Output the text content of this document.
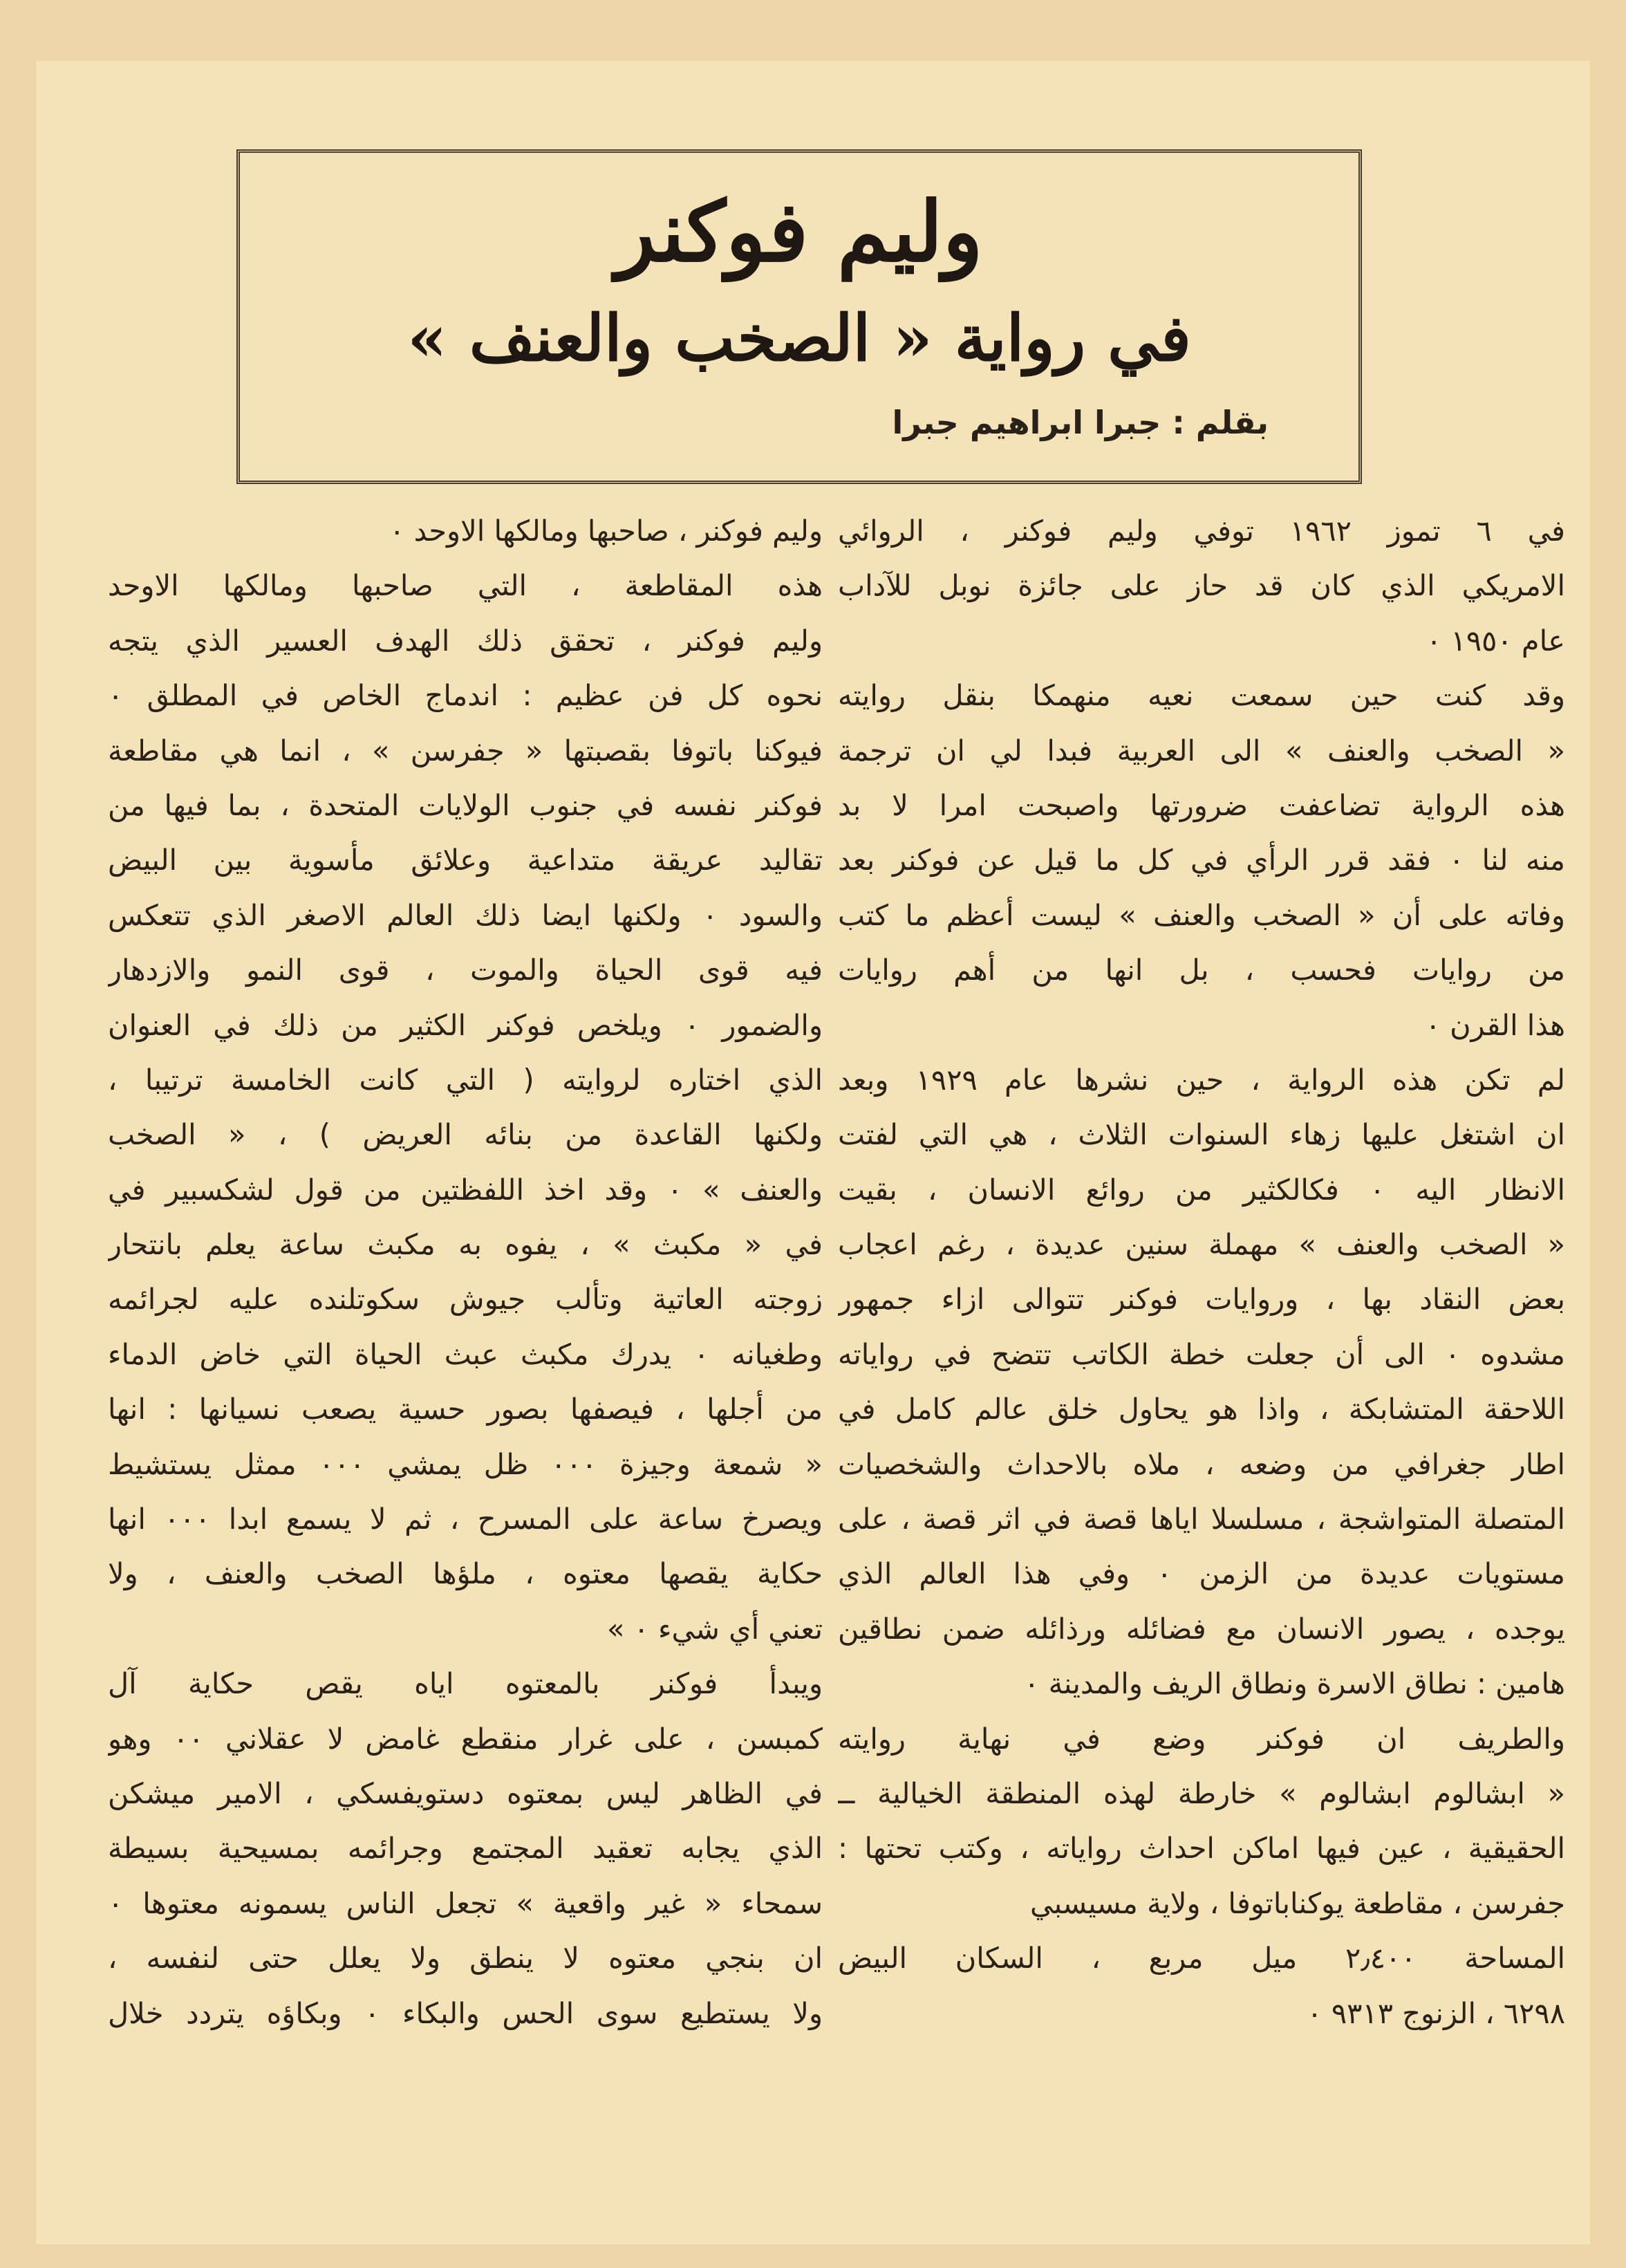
وليم فوكنر
في رواية « الصخب والعنف »
بقلم : جبرا ابراهيم جبرا
في ٦ تموز ١٩٦٢ توفي وليم فوكنر ، الروائي
الامريكي الذي كان قد حاز على جائزة نوبل للآداب
عام ١٩٥٠ ٠
وقد كنت حين سمعت نعيه منهمكا بنقل روايته
« الصخب والعنف » الى العربية فبدا لي ان ترجمة
هذه الرواية تضاعفت ضرورتها واصبحت امرا لا بد
منه لنا ٠ فقد قرر الرأي في كل ما قيل عن فوكنر بعد
وفاته على أن « الصخب والعنف » ليست أعظم ما كتب
من روايات فحسب ، بل انها من أهم روايات
هذا القرن ٠
لم تكن هذه الرواية ، حين نشرها عام ١٩٢٩ وبعد
ان اشتغل عليها زهاء السنوات الثلاث ، هي التي لفتت
الانظار اليه ٠ فكالكثير من روائع الانسان ، بقيت
« الصخب والعنف » مهملة سنين عديدة ، رغم اعجاب
بعض النقاد بها ، وروايات فوكنر تتوالى ازاء جمهور
مشدوه ٠ الى أن جعلت خطة الكاتب تتضح في رواياته
اللاحقة المتشابكة ، واذا هو يحاول خلق عالم كامل في
اطار جغرافي من وضعه ، ملاه بالاحداث والشخصيات
المتصلة المتواشجة ، مسلسلا اياها قصة في اثر قصة ، على
مستويات عديدة من الزمن ٠ وفي هذا العالم الذي
يوجده ، يصور الانسان مع فضائله ورذائله ضمن نطاقين
هامين : نطاق الاسرة ونطاق الريف والمدينة ٠
والطريف ان فوكنر وضع في نهاية روايته
« ابشالوم ابشالوم » خارطة لهذه المنطقة الخيالية ــ
الحقيقية ، عين فيها اماكن احداث رواياته ، وكتب تحتها :
جفرسن ، مقاطعة يوكناباتوفا ، ولاية مسيسبي
المساحة ٢٫٤٠٠ ميل مربع ، السكان البيض
٦٢٩٨ ، الزنوج ٩٣١٣ ٠
وليم فوكنر ، صاحبها ومالكها الاوحد ٠
هذه المقاطعة ، التي صاحبها ومالكها الاوحد
وليم فوكنر ، تحقق ذلك الهدف العسير الذي يتجه
نحوه كل فن عظيم : اندماج الخاص في المطلق ٠
فيوكنا باتوفا بقصبتها « جفرسن » ، انما هي مقاطعة
فوكنر نفسه في جنوب الولايات المتحدة ، بما فيها من
تقاليد عريقة متداعية وعلائق مأسوية بين البيض
والسود ٠ ولكنها ايضا ذلك العالم الاصغر الذي تتعكس
فيه قوى الحياة والموت ، قوى النمو والازدهار
والضمور ٠ ويلخص فوكنر الكثير من ذلك في العنوان
الذي اختاره لروايته ( التي كانت الخامسة ترتيبا ،
ولكنها القاعدة من بنائه العريض ) ، « الصخب
والعنف » ٠ وقد اخذ اللفظتين من قول لشكسبير في
في « مكبث » ، يفوه به مكبث ساعة يعلم بانتحار
زوجته العاتية وتألب جيوش سكوتلنده عليه لجرائمه
وطغيانه ٠ يدرك مكبث عبث الحياة التي خاض الدماء
من أجلها ، فيصفها بصور حسية يصعب نسيانها : انها
« شمعة وجيزة ٠٠٠ ظل يمشي ٠٠٠ ممثل يستشيط
ويصرخ ساعة على المسرح ، ثم لا يسمع ابدا ٠٠٠ انها
حكاية يقصها معتوه ، ملؤها الصخب والعنف ، ولا
تعني أي شيء ٠ »
ويبدأ فوكنر بالمعتوه اياه يقص حكاية آل
كمبسن ، على غرار منقطع غامض لا عقلاني ٠٠ وهو
في الظاهر ليس بمعتوه دستويفسكي ، الامير ميشكن
الذي يجابه تعقيد المجتمع وجرائمه بمسيحية بسيطة
سمحاء « غير واقعية » تجعل الناس يسمونه معتوها ٠
ان بنجي معتوه لا ينطق ولا يعلل حتى لنفسه ،
ولا يستطيع سوى الحس والبكاء ٠ وبكاؤه يتردد خلال
